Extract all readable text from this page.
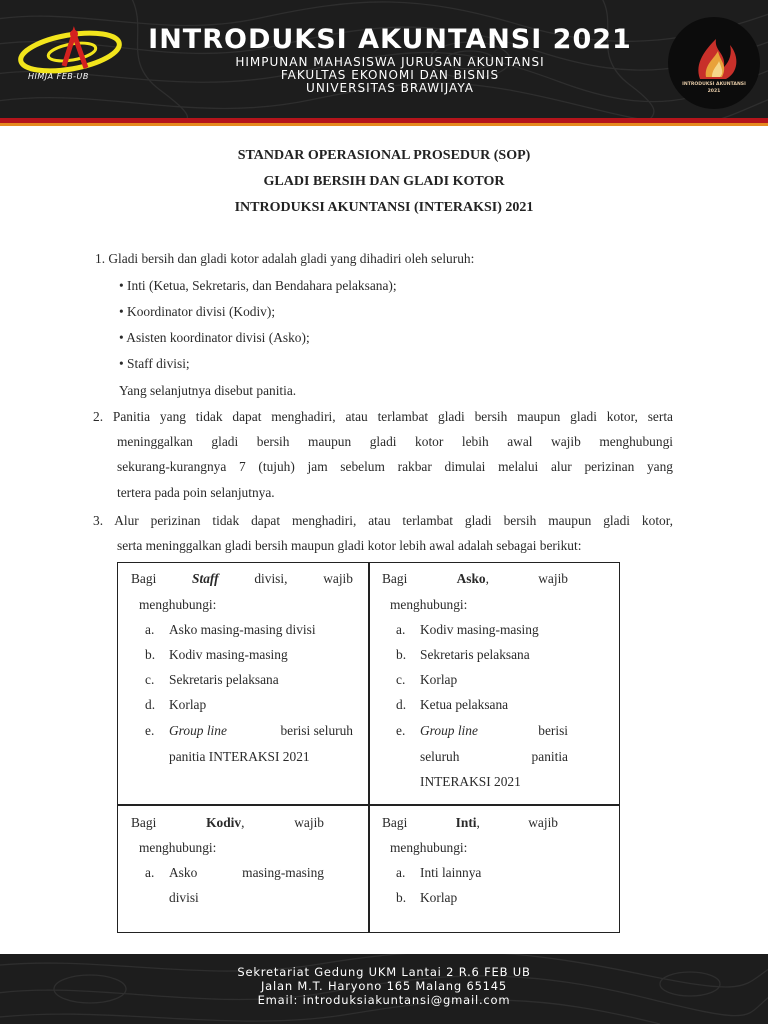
HIMJA FEB-UB
INTRODUKSI AKUNTANSI 2021
HIMPUNAN MAHASISWA JURUSAN AKUNTANSI
FAKULTAS EKONOMI DAN BISNIS
UNIVERSITAS BRAWIJAYA	INTRODUKSI AKUNTANSI
2021
STANDAR OPERASIONAL PROSEDUR (SOP)
GLADI BERSIH DAN GLADI KOTOR
INTRODUKSI AKUNTANSI (INTERAKSI) 2021
1. Gladi bersih dan gladi kotor adalah gladi yang dihadiri oleh seluruh:
• Inti (Ketua, Sekretaris, dan Bendahara pelaksana);
• Koordinator divisi (Kodiv);
• Asisten koordinator divisi (Asko);
• Staff divisi;
Yang selanjutnya disebut panitia.
2. Panitia yang tidak dapat menghadiri, atau terlambat gladi bersih maupun gladi kotor, serta
meninggalkan gladi bersih maupun gladi kotor lebih awal wajib menghubungi
sekurang-kurangnya 7 (tujuh) jam sebelum rakbar dimulai melalui alur perizinan yang
tertera pada poin selanjutnya.
3. Alur perizinan tidak dapat menghadiri, atau terlambat gladi bersih maupun gladi kotor,
serta meninggalkan gladi bersih maupun gladi kotor lebih awal adalah sebagai berikut:
Bagi	Staff	divisi,	wajib
menghubungi:
a. Asko masing-masing divisi
b. Kodiv masing-masing
c. Sekretaris pelaksana
d. Korlap
e. Group line	berisi seluruh
panitia INTERAKSI 2021
Bagi	Asko,	wajib
menghubungi:
a. Kodiv masing-masing
b. Sekretaris pelaksana
c. Korlap
d. Ketua pelaksana
e. Group line	berisi
seluruh panitia
INTERAKSI 2021
Bagi	Kodiv,	wajib
menghubungi:
a. Asko masing-masing
divisi
Bagi	Inti,	wajib
menghubungi:
a. Inti lainnya
b. Korlap
Sekretariat Gedung UKM Lantai 2 R.6 FEB UB
Jalan M.T. Haryono 165 Malang 65145
Email: introduksiakuntansi@gmail.com
